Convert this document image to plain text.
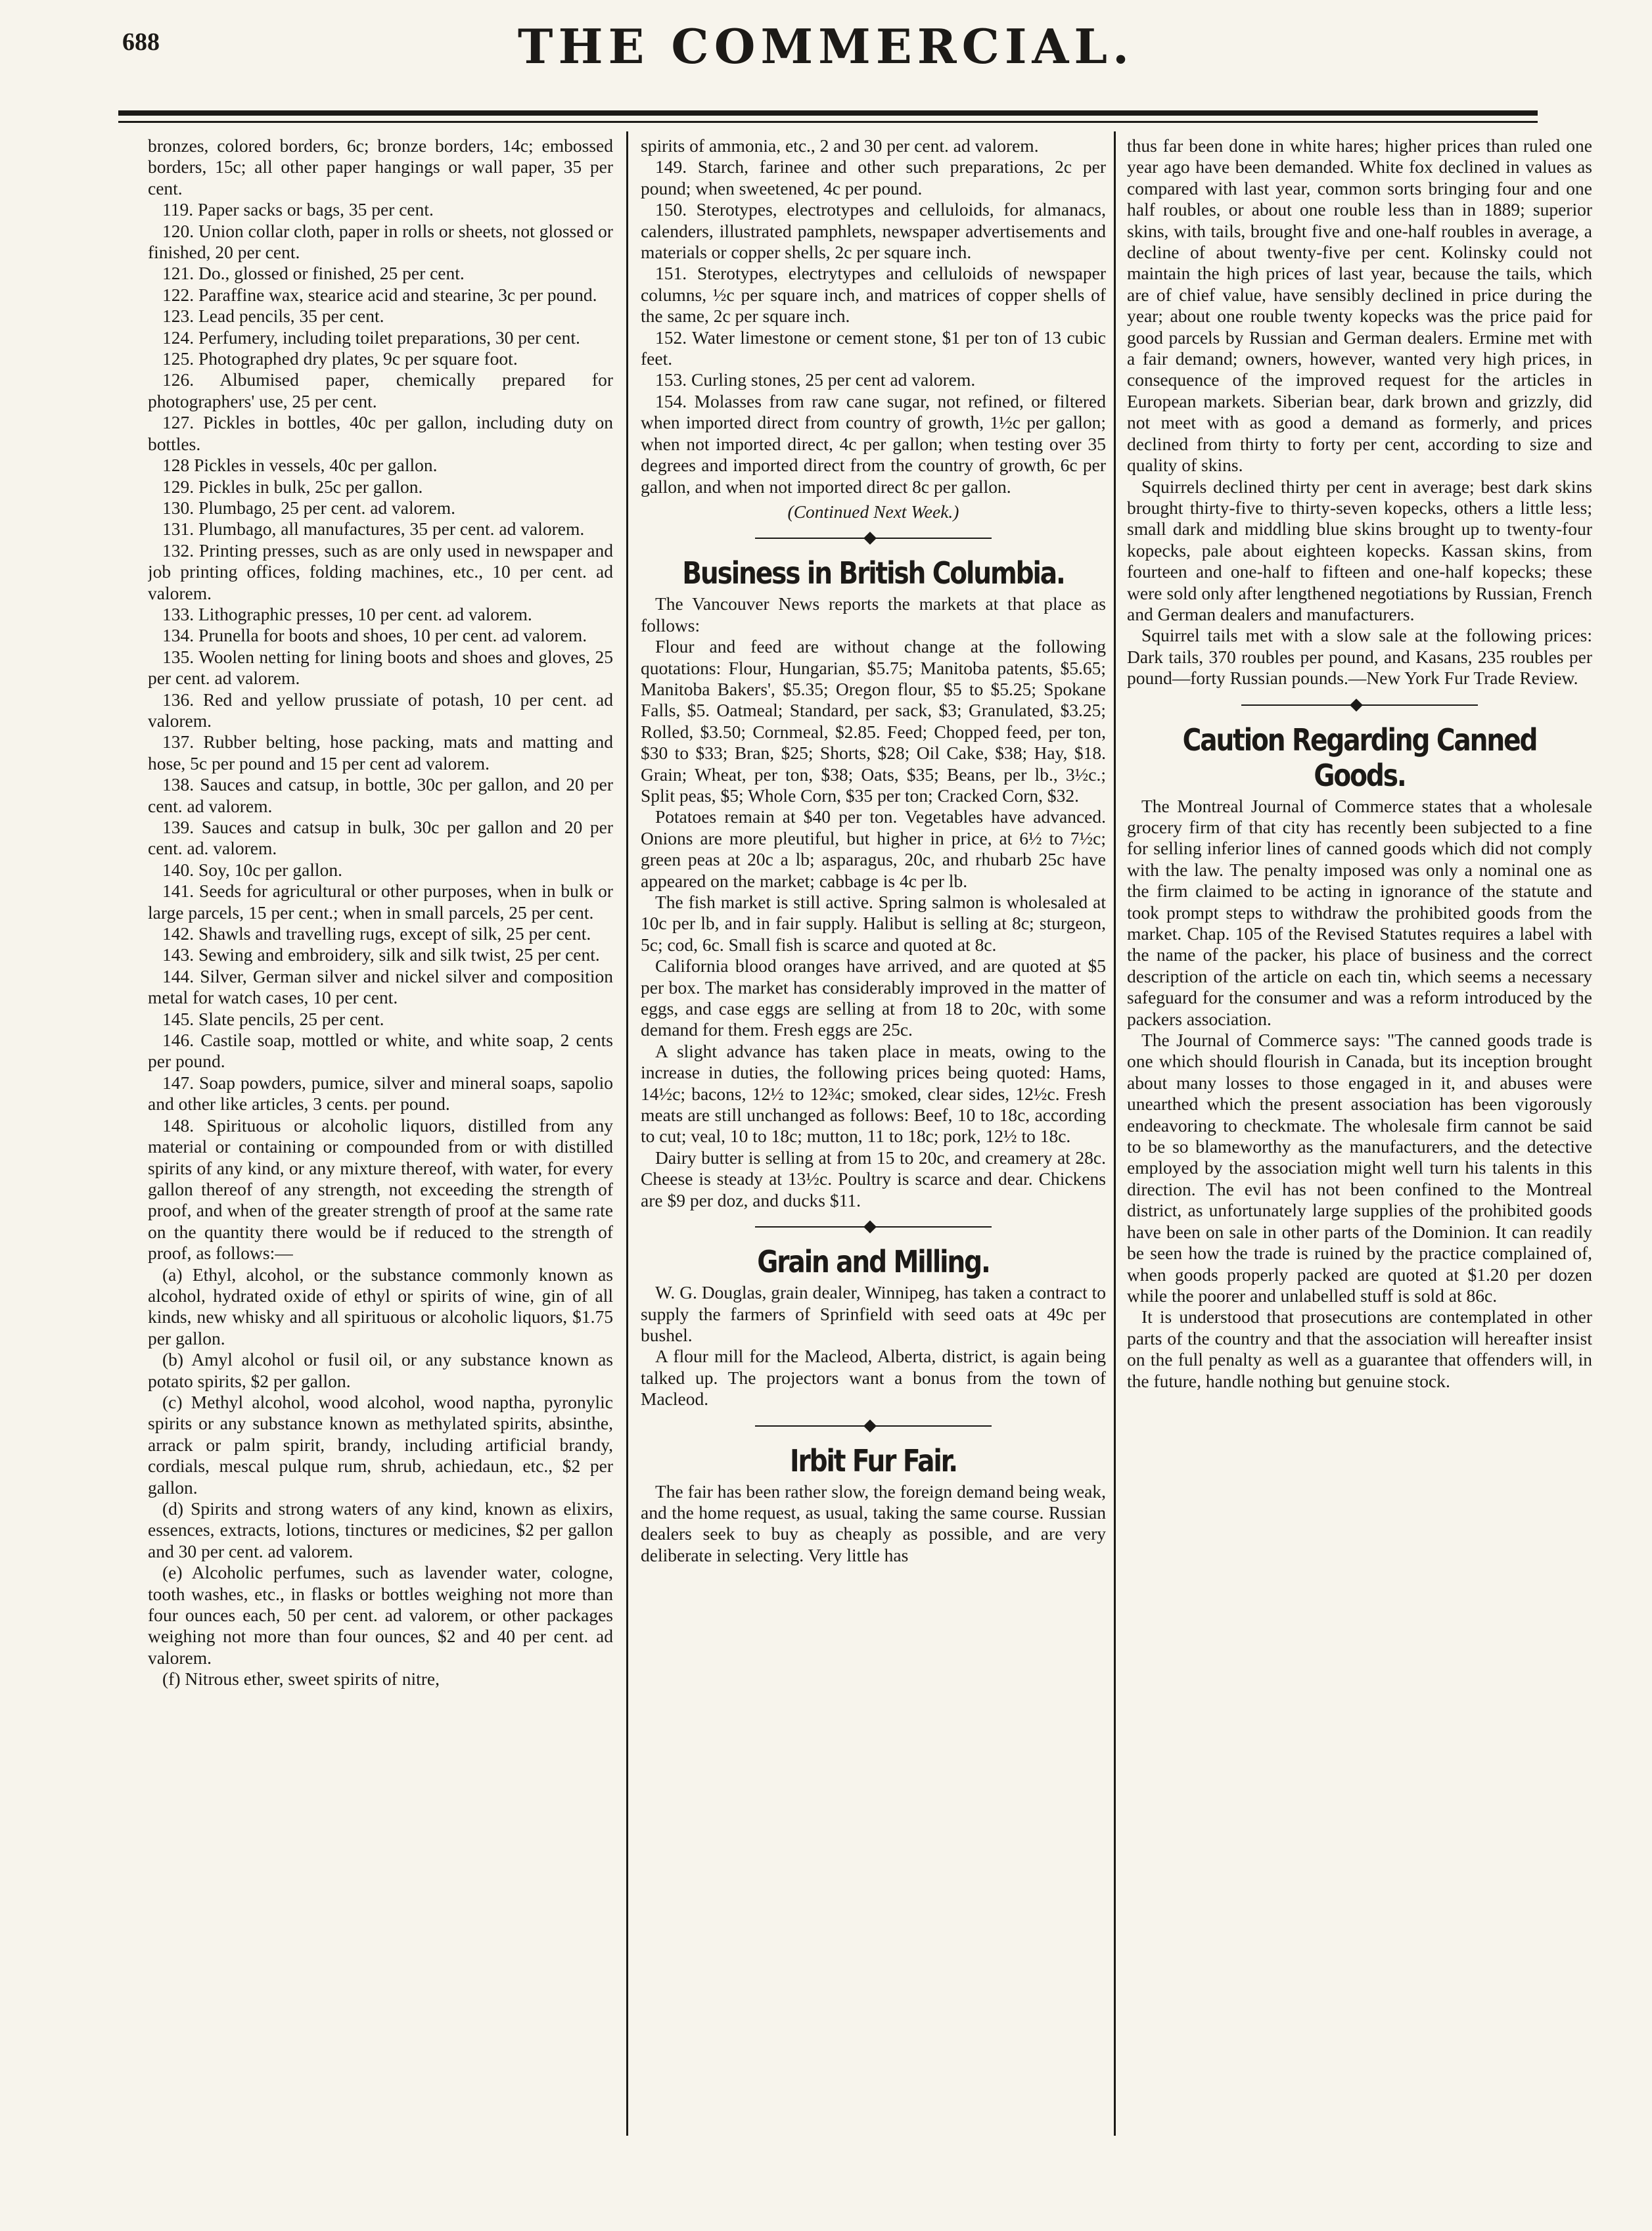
688	THE COMMERCIAL.

bronzes, colored borders, 6c; bronze borders, 14c; embossed borders, 15c; all other paper hangings or wall paper, 35 per cent.

119. Paper sacks or bags, 35 per cent.

120. Union collar cloth, paper in rolls or sheets, not glossed or finished, 20 per cent.

121. Do., glossed or finished, 25 per cent.

122. Paraffine wax, stearice acid and stearine, 3c per pound.

123. Lead pencils, 35 per cent.

124. Perfumery, including toilet preparations, 30 per cent.

125. Photographed dry plates, 9c per square foot.

126. Albumised paper, chemically prepared for photographers' use, 25 per cent.

127. Pickles in bottles, 40c per gallon, including duty on bottles.

128 Pickles in vessels, 40c per gallon.

129. Pickles in bulk, 25c per gallon.

130. Plumbago, 25 per cent. ad valorem.

131. Plumbago, all manufactures, 35 per cent. ad valorem.

132. Printing presses, such as are only used in newspaper and job printing offices, folding machines, etc., 10 per cent. ad valorem.

133. Lithographic presses, 10 per cent. ad valorem.

134. Prunella for boots and shoes, 10 per cent. ad valorem.

135. Woolen netting for lining boots and shoes and gloves, 25 per cent. ad valorem.

136. Red and yellow prussiate of potash, 10 per cent. ad valorem.

137. Rubber belting, hose packing, mats and matting and hose, 5c per pound and 15 per cent ad valorem.

138. Sauces and catsup, in bottle, 30c per gallon, and 20 per cent. ad valorem.

139. Sauces and catsup in bulk, 30c per gallon and 20 per cent. ad. valorem.

140. Soy, 10c per gallon.

141. Seeds for agricultural or other purposes, when in bulk or large parcels, 15 per cent.; when in small parcels, 25 per cent.

142. Shawls and travelling rugs, except of silk, 25 per cent.

143. Sewing and embroidery, silk and silk twist, 25 per cent.

144. Silver, German silver and nickel silver and composition metal for watch cases, 10 per cent.

145. Slate pencils, 25 per cent.

146. Castile soap, mottled or white, and white soap, 2 cents per pound.

147. Soap powders, pumice, silver and mineral soaps, sapolio and other like articles, 3 cents. per pound.

148. Spirituous or alcoholic liquors, distilled from any material or containing or compounded from or with distilled spirits of any kind, or any mixture thereof, with water, for every gallon thereof of any strength, not exceeding the strength of proof, and when of the greater strength of proof at the same rate on the quantity there would be if reduced to the strength of proof, as follows:—

(a) Ethyl, alcohol, or the substance commonly known as alcohol, hydrated oxide of ethyl or spirits of wine, gin of all kinds, new whisky and all spirituous or alcoholic liquors, $1.75 per gallon.

(b) Amyl alcohol or fusil oil, or any substance known as potato spirits, $2 per gallon.

(c) Methyl alcohol, wood alcohol, wood naptha, pyronylic spirits or any substance known as methylated spirits, absinthe, arrack or palm spirit, brandy, including artificial brandy, cordials, mescal pulque rum, shrub, achiedaun, etc., $2 per gallon.

(d) Spirits and strong waters of any kind, known as elixirs, essences, extracts, lotions, tinctures or medicines, $2 per gallon and 30 per cent. ad valorem.

(e) Alcoholic perfumes, such as lavender water, cologne, tooth washes, etc., in flasks or bottles weighing not more than four ounces each, 50 per cent. ad valorem, or other packages weighing not more than four ounces, $2 and 40 per cent. ad valorem.

(f) Nitrous ether, sweet spirits of nitre,

spirits of ammonia, etc., 2 and 30 per cent. ad valorem.

149. Starch, farinee and other such preparations, 2c per pound; when sweetened, 4c per pound.

150. Sterotypes, electrotypes and celluloids, for almanacs, calenders, illustrated pamphlets, newspaper advertisements and materials or copper shells, 2c per square inch.

151. Sterotypes, electrytypes and celluloids of newspaper columns, ½c per square inch, and matrices of copper shells of the same, 2c per square inch.

152. Water limestone or cement stone, $1 per ton of 13 cubic feet.

153. Curling stones, 25 per cent ad valorem.

154. Molasses from raw cane sugar, not refined, or filtered when imported direct from country of growth, 1½c per gallon; when not imported direct, 4c per gallon; when testing over 35 degrees and imported direct from the country of growth, 6c per gallon, and when not imported direct 8c per gallon.

(Continued Next Week.)

Business in British Columbia.

The Vancouver News reports the markets at that place as follows:

Flour and feed are without change at the following quotations: Flour, Hungarian, $5.75; Manitoba patents, $5.65; Manitoba Bakers', $5.35; Oregon flour, $5 to $5.25; Spokane Falls, $5. Oatmeal; Standard, per sack, $3; Granulated, $3.25; Rolled, $3.50; Cornmeal, $2.85. Feed; Chopped feed, per ton, $30 to $33; Bran, $25; Shorts, $28; Oil Cake, $38; Hay, $18. Grain; Wheat, per ton, $38; Oats, $35; Beans, per lb., 3½c.; Split peas, $5; Whole Corn, $35 per ton; Cracked Corn, $32.

Potatoes remain at $40 per ton. Vegetables have advanced. Onions are more pleutiful, but higher in price, at 6½ to 7½c; green peas at 20c a lb; asparagus, 20c, and rhubarb 25c have appeared on the market; cabbage is 4c per lb.

The fish market is still active. Spring salmon is wholesaled at 10c per lb, and in fair supply. Halibut is selling at 8c; sturgeon, 5c; cod, 6c. Small fish is scarce and quoted at 8c.

California blood oranges have arrived, and are quoted at $5 per box. The market has considerably improved in the matter of eggs, and case eggs are selling at from 18 to 20c, with some demand for them. Fresh eggs are 25c.

A slight advance has taken place in meats, owing to the increase in duties, the following prices being quoted: Hams, 14½c; bacons, 12½ to 12¾c; smoked, clear sides, 12½c. Fresh meats are still unchanged as follows: Beef, 10 to 18c, according to cut; veal, 10 to 18c; mutton, 11 to 18c; pork, 12½ to 18c.

Dairy butter is selling at from 15 to 20c, and creamery at 28c. Cheese is steady at 13½c. Poultry is scarce and dear. Chickens are $9 per doz, and ducks $11.

Grain and Milling.

W. G. Douglas, grain dealer, Winnipeg, has taken a contract to supply the farmers of Sprinfield with seed oats at 49c per bushel.

A flour mill for the Macleod, Alberta, district, is again being talked up. The projectors want a bonus from the town of Macleod.

Irbit Fur Fair.

The fair has been rather slow, the foreign demand being weak, and the home request, as usual, taking the same course. Russian dealers seek to buy as cheaply as possible, and are very deliberate in selecting. Very little has

thus far been done in white hares; higher prices than ruled one year ago have been demanded. White fox declined in values as compared with last year, common sorts bringing four and one half roubles, or about one rouble less than in 1889; superior skins, with tails, brought five and one-half roubles in average, a decline of about twenty-five per cent. Kolinsky could not maintain the high prices of last year, because the tails, which are of chief value, have sensibly declined in price during the year; about one rouble twenty kopecks was the price paid for good parcels by Russian and German dealers. Ermine met with a fair demand; owners, however, wanted very high prices, in consequence of the improved request for the articles in European markets. Siberian bear, dark brown and grizzly, did not meet with as good a demand as formerly, and prices declined from thirty to forty per cent, according to size and quality of skins.

Squirrels declined thirty per cent in average; best dark skins brought thirty-five to thirty-seven kopecks, others a little less; small dark and middling blue skins brought up to twenty-four kopecks, pale about eighteen kopecks. Kassan skins, from fourteen and one-half to fifteen and one-half kopecks; these were sold only after lengthened negotiations by Russian, French and German dealers and manufacturers.

Squirrel tails met with a slow sale at the following prices: Dark tails, 370 roubles per pound, and Kasans, 235 roubles per pound—forty Russian pounds.—New York Fur Trade Review.

Caution Regarding Canned Goods.

The Montreal Journal of Commerce states that a wholesale grocery firm of that city has recently been subjected to a fine for selling inferior lines of canned goods which did not comply with the law. The penalty imposed was only a nominal one as the firm claimed to be acting in ignorance of the statute and took prompt steps to withdraw the prohibited goods from the market. Chap. 105 of the Revised Statutes requires a label with the name of the packer, his place of business and the correct description of the article on each tin, which seems a necessary safeguard for the consumer and was a reform introduced by the packers association.

The Journal of Commerce says: "The canned goods trade is one which should flourish in Canada, but its inception brought about many losses to those engaged in it, and abuses were unearthed which the present association has been vigorously endeavoring to checkmate. The wholesale firm cannot be said to be so blameworthy as the manufacturers, and the detective employed by the association might well turn his talents in this direction. The evil has not been confined to the Montreal district, as unfortunately large supplies of the prohibited goods have been on sale in other parts of the Dominion. It can readily be seen how the trade is ruined by the practice complained of, when goods properly packed are quoted at $1.20 per dozen while the poorer and unlabelled stuff is sold at 86c.

It is understood that prosecutions are contemplated in other parts of the country and that the association will hereafter insist on the full penalty as well as a guarantee that offenders will, in the future, handle nothing but genuine stock.
